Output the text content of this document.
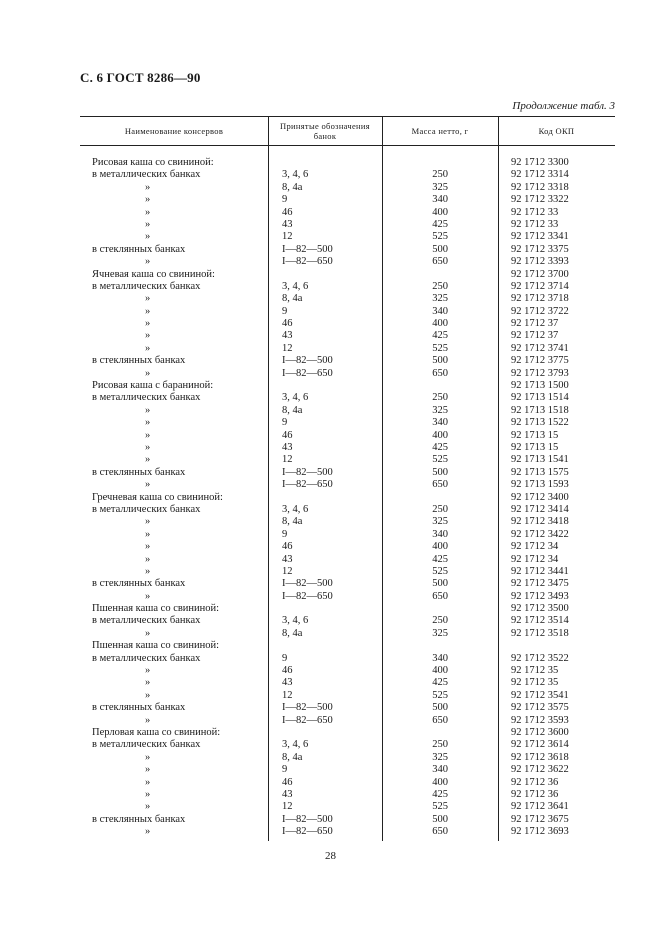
С. 6 ГОСТ 8286—90
Продолжение табл. 3
Наименование консервов	Принятые обозначения банок	Масса нетто, г	Код ОКП
Рисовая каша со свининой:	92 1712 3300
в металлических банках	3, 4, 6	250	92 1712 3314
»	8, 4а	325	92 1712 3318
»	9	340	92 1712 3322
»	46	400	92 1712 33
»	43	425	92 1712 33
»	12	525	92 1712 3341
в стеклянных банках	I—82—500	500	92 1712 3375
»	I—82—650	650	92 1712 3393
Ячневая каша со свининой:	92 1712 3700
в металлических банках	3, 4, 6	250	92 1712 3714
»	8, 4а	325	92 1712 3718
»	9	340	92 1712 3722
»	46	400	92 1712 37
»	43	425	92 1712 37
»	12	525	92 1712 3741
в стеклянных банках	I—82—500	500	92 1712 3775
»	I—82—650	650	92 1712 3793
Рисовая каша с бараниной:	92 1713 1500
в металлических банках	3, 4, 6	250	92 1713 1514
»	8, 4а	325	92 1713 1518
»	9	340	92 1713 1522
»	46	400	92 1713 15
»	43	425	92 1713 15
»	12	525	92 1713 1541
в стеклянных банках	I—82—500	500	92 1713 1575
»	I—82—650	650	92 1713 1593
Гречневая каша со свининой:	92 1712 3400
в металлических банках	3, 4, 6	250	92 1712 3414
»	8, 4а	325	92 1712 3418
»	9	340	92 1712 3422
»	46	400	92 1712 34
»	43	425	92 1712 34
»	12	525	92 1712 3441
в стеклянных банках	I—82—500	500	92 1712 3475
»	I—82—650	650	92 1712 3493
Пшенная каша со свининой:	92 1712 3500
в металлических банках	3, 4, 6	250	92 1712 3514
»	8, 4а	325	92 1712 3518
Пшенная каша со свининой:
в металлических банках	9	340	92 1712 3522
»	46	400	92 1712 35
»	43	425	92 1712 35
»	12	525	92 1712 3541
в стеклянных банках	I—82—500	500	92 1712 3575
»	I—82—650	650	92 1712 3593
Перловая каша со свининой:	92 1712 3600
в металлических банках	3, 4, 6	250	92 1712 3614
»	8, 4а	325	92 1712 3618
»	9	340	92 1712 3622
»	46	400	92 1712 36
»	43	425	92 1712 36
»	12	525	92 1712 3641
в стеклянных банках	I—82—500	500	92 1712 3675
»	I—82—650	650	92 1712 3693
28
